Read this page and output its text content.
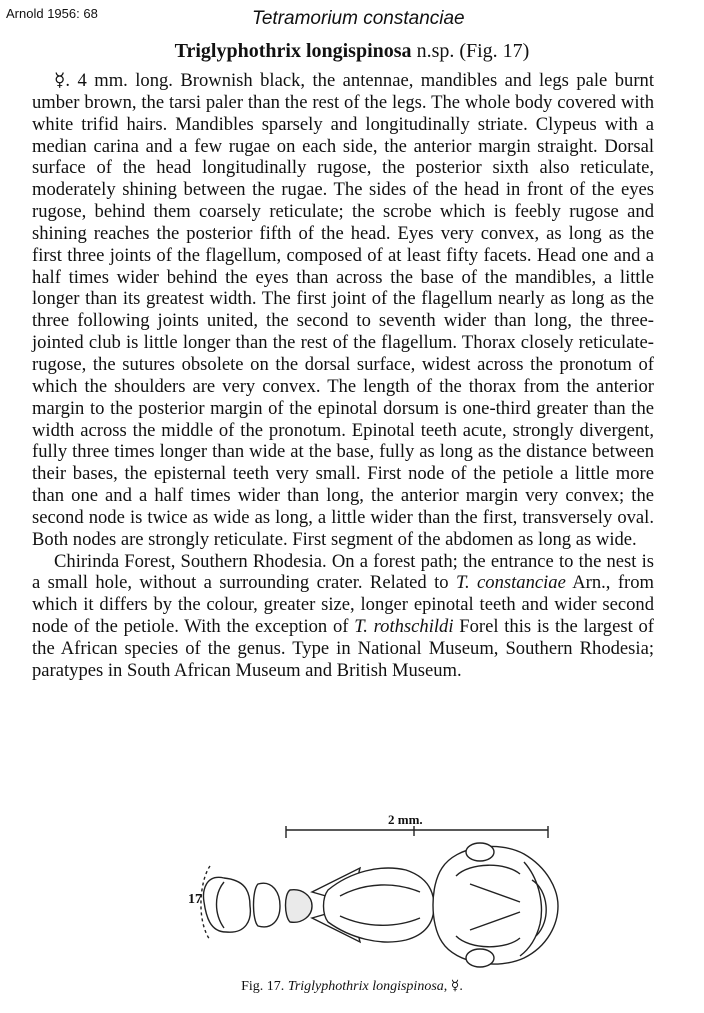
Arnold 1956: 68	Tetramorium constanciae
Triglyphothrix longispinosa n.sp. (Fig. 17)

☿. 4 mm. long. Brownish black, the antennae, mandibles and legs pale burnt umber brown, the tarsi paler than the rest of the legs. The whole body covered with white trifid hairs. Mandibles sparsely and longitudinally striate. Clypeus with a median carina and a few rugae on each side, the anterior margin straight. Dorsal surface of the head longitudinally rugose, the posterior sixth also reticulate, moderately shining between the rugae. The sides of the head in front of the eyes rugose, behind them coarsely reticulate; the scrobe which is feebly rugose and shining reaches the posterior fifth of the head. Eyes very convex, as long as the first three joints of the flagellum, composed of at least fifty facets. Head one and a half times wider behind the eyes than across the base of the mandibles, a little longer than its greatest width. The first joint of the flagellum nearly as long as the three following joints united, the second to seventh wider than long, the three-jointed club is little longer than the rest of the flagellum. Thorax closely reticulate-rugose, the sutures obsolete on the dorsal surface, widest across the pronotum of which the shoulders are very convex. The length of the thorax from the anterior margin to the posterior margin of the epinotal dorsum is one-third greater than the width across the middle of the pronotum. Epinotal teeth acute, strongly divergent, fully three times longer than wide at the base, fully as long as the distance between their bases, the episternal teeth very small. First node of the petiole a little more than one and a half times wider than long, the anterior margin very convex; the second node is twice as wide as long, a little wider than the first, transversely oval. Both nodes are strongly reticulate. First segment of the abdomen as long as wide.

Chirinda Forest, Southern Rhodesia. On a forest path; the entrance to the nest is a small hole, without a surrounding crater. Related to T. constanciae Arn., from which it differs by the colour, greater size, longer epinotal teeth and wider second node of the petiole. With the exception of T. rothschildi Forel this is the largest of the African species of the genus. Type in National Museum, Southern Rhodesia; paratypes in South African Museum and British Museum.

2 mm.
17
Fig. 17. Triglyphothrix longispinosa, ☿.
